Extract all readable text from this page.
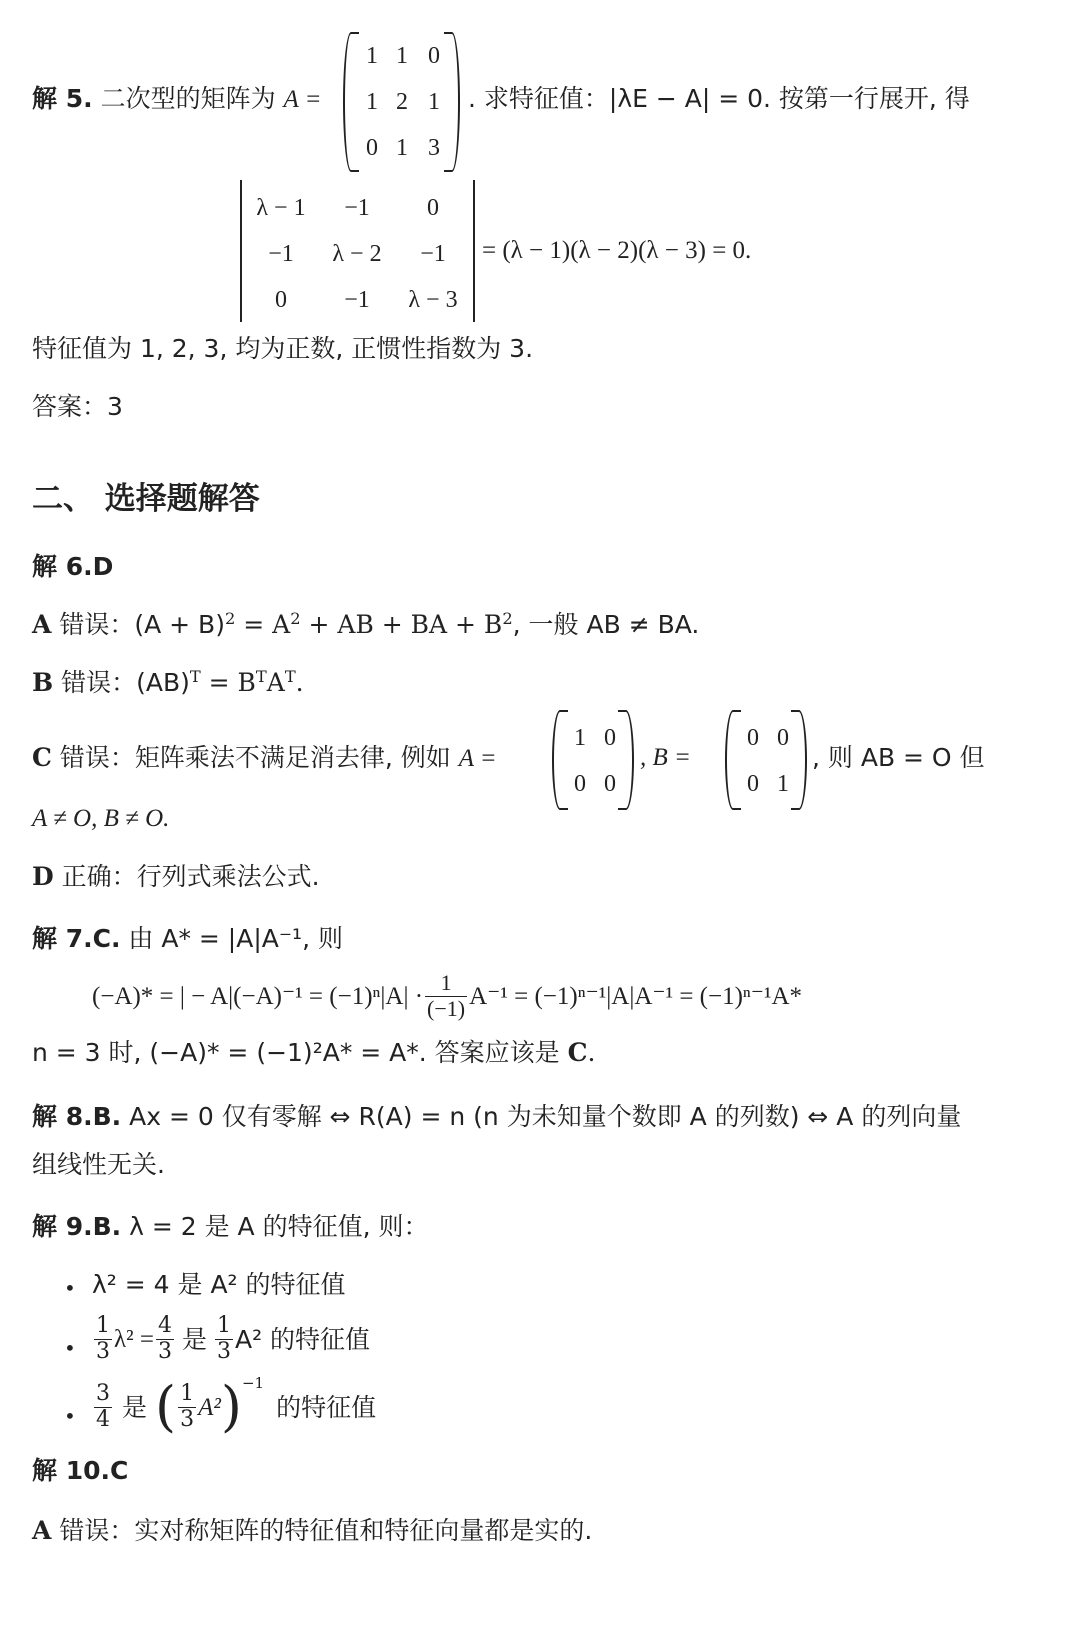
解 5. 二次型的矩阵为 A =
1 1 0
1 2 1
0 1 3
. 求特征值：|λE − A| = 0. 按第一行展开, 得
λ − 1	−1	0
−1	λ − 2	−1
0	−1	λ − 3
= (λ − 1)(λ − 2)(λ − 3) = 0.
特征值为 1, 2, 3, 均为正数, 正惯性指数为 3.
答案：3
二、 选择题解答
解 6.D
A 错误：$(A + B)^2 = A^2$ + AB + BA + $B^2$, 一般 AB ≠ BA.
B 错误：$(AB)^T = B^TA^T$.
C 错误：矩阵乘法不满足消去律, 例如 A =
1 0
0 0
, B =
0 0
0 1
, 则 AB = O 但
A ≠ O, B ≠ O.
D 正确：行列式乘法公式.
解 7.C. 由 A* = |A|A⁻¹, 则
(−A)* = | − $A|(-A)^{-1} = (-1)^n|A| \cdot \frac{1}{(-1)} A^{-1} = (-1)^{n-1}|A|A^{-1} = (-1)^{n-1}A*$
n = 3 时, (−A)* = (−1)²A* = A*. 答案应该是 C.
解 8.B. Ax = 0 仅有零解 ⇔ R(A) = n (n 为未知量个数即 A 的列数) ⇔ A 的列向量
组线性无关.
解 9.B. λ = 2 是 A 的特征值, 则：
• λ² = 4 是 A² 的特征值
• $\frac{1}{3} \lambda^2 = \frac{4}{3}$ 是 $\frac{1}{3} A^2$ 的特征值
• $\frac{3}{4}$ 是 ( $\frac{1}{3} A^2$ ) −1
的特征值
解 10.C
A 错误：实对称矩阵的特征值和特征向量都是实的.
